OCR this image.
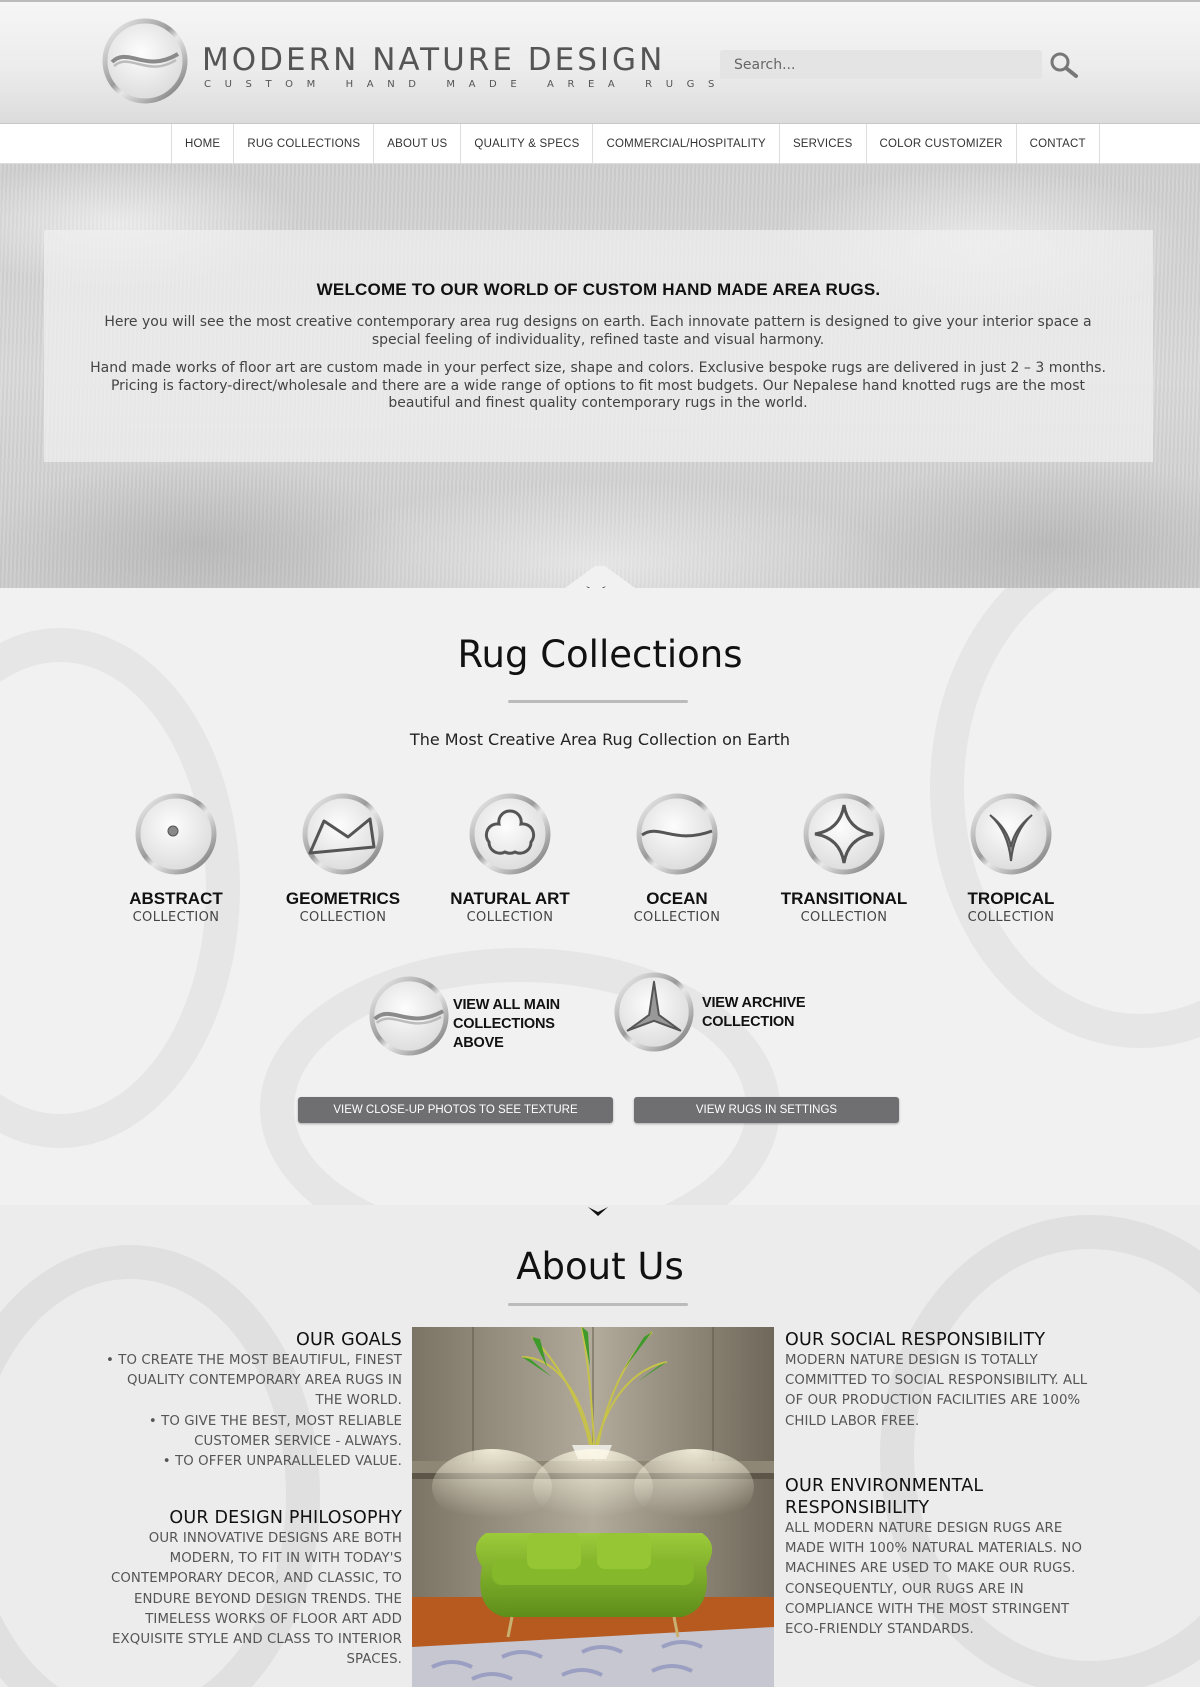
MODERN NATURE DESIGN
CUSTOM HAND MADE AREA RUGS
Search...
HOME	RUG COLLECTIONS	ABOUT US	QUALITY & SPECS	COMMERCIAL/HOSPITALITY	SERVICES	COLOR CUSTOMIZER	CONTACT
WELCOME TO OUR WORLD OF CUSTOM HAND MADE AREA RUGS.
Here you will see the most creative contemporary area rug designs on earth. Each innovate pattern is designed to give your interior space a special feeling of individuality, refined taste and visual harmony.
Hand made works of floor art are custom made in your perfect size, shape and colors. Exclusive bespoke rugs are delivered in just 2 – 3 months. Pricing is factory-direct/wholesale and there are a wide range of options to fit most budgets. Our Nepalese hand knotted rugs are the most beautiful and finest quality contemporary rugs in the world.
Rug Collections
The Most Creative Area Rug Collection on Earth
ABSTRACT
COLLECTION
GEOMETRICS
COLLECTION
NATURAL ART
COLLECTION
OCEAN
COLLECTION
TRANSITIONAL
COLLECTION
TROPICAL
COLLECTION
VIEW ALL MAIN
COLLECTIONS
ABOVE
VIEW ARCHIVE
COLLECTION
VIEW CLOSE-UP PHOTOS TO SEE TEXTURE	VIEW RUGS IN SETTINGS
About Us
OUR GOALS

• TO CREATE THE MOST BEAUTIFUL, FINEST QUALITY CONTEMPORARY AREA RUGS IN THE WORLD.

• TO GIVE THE BEST, MOST RELIABLE CUSTOMER SERVICE - ALWAYS.

• TO OFFER UNPARALLELED VALUE.

OUR DESIGN PHILOSOPHY

OUR INNOVATIVE DESIGNS ARE BOTH MODERN, TO FIT IN WITH TODAY'S CONTEMPORARY DECOR, AND CLASSIC, TO ENDURE BEYOND DESIGN TRENDS. THE TIMELESS WORKS OF FLOOR ART ADD EXQUISITE STYLE AND CLASS TO INTERIOR SPACES.

OUR SOCIAL RESPONSIBILITY

MODERN NATURE DESIGN IS TOTALLY COMMITTED TO SOCIAL RESPONSIBILITY. ALL OF OUR PRODUCTION FACILITIES ARE 100% CHILD LABOR FREE.

OUR ENVIRONMENTAL RESPONSIBILITY

ALL MODERN NATURE DESIGN RUGS ARE MADE WITH 100% NATURAL MATERIALS. NO MACHINES ARE USED TO MAKE OUR RUGS. CONSEQUENTLY, OUR RUGS ARE IN COMPLIANCE WITH THE MOST STRINGENT ECO-FRIENDLY STANDARDS.
